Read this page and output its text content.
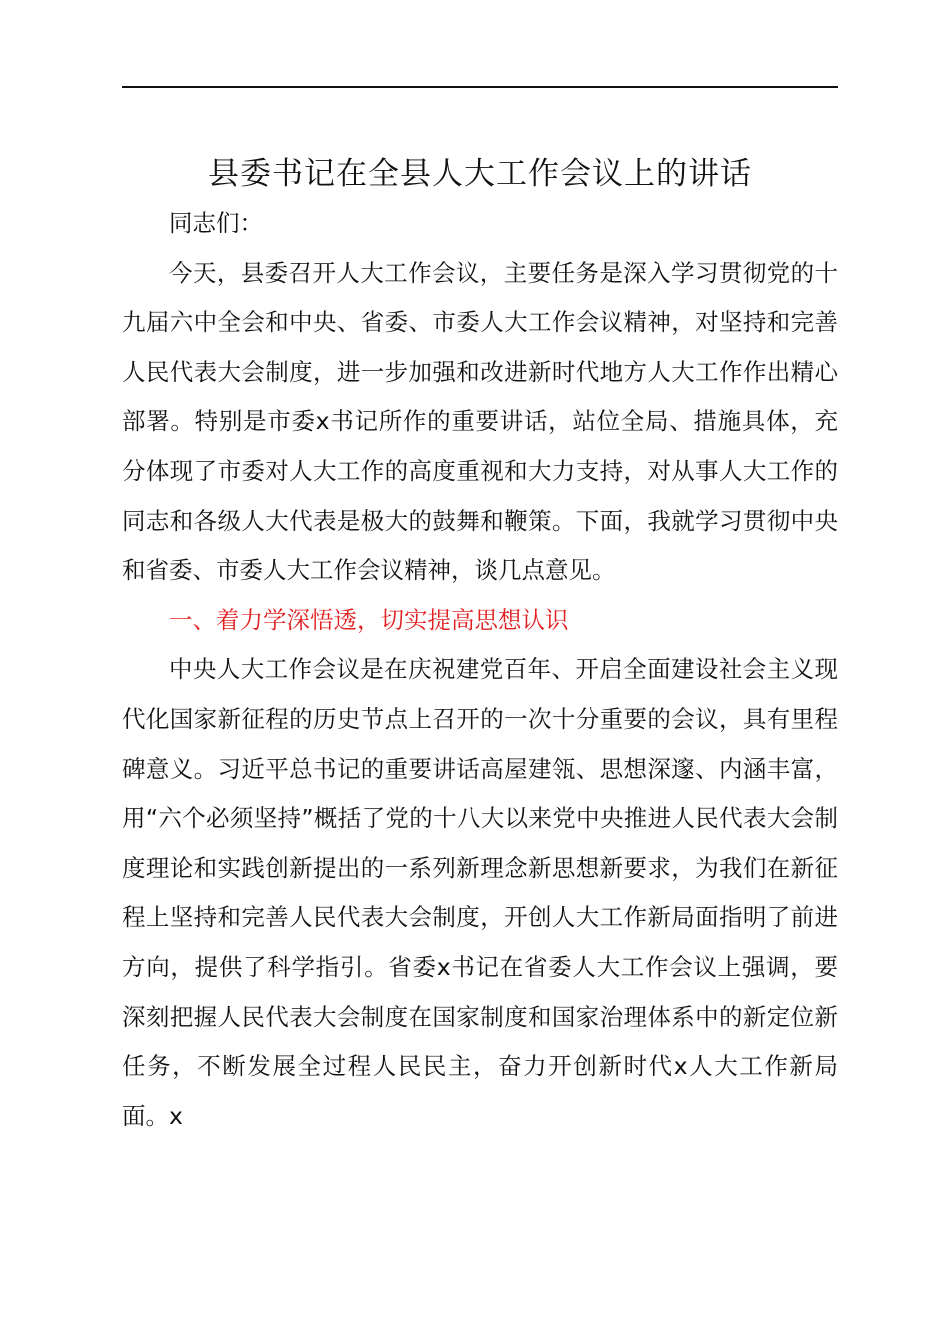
县委书记在全县人大工作会议上的讲话

同志们：

今天，县委召开人大工作会议，主要任务是深入学习贯彻党的十九届六中全会和中央、省委、市委人大工作会议精神，对坚持和完善人民代表大会制度，进一步加强和改进新时代地方人大工作作出精心部署。特别是市委x书记所作的重要讲话，站位全局、措施具体，充分体现了市委对人大工作的高度重视和大力支持，对从事人大工作的同志和各级人大代表是极大的鼓舞和鞭策。下面，我就学习贯彻中央和省委、市委人大工作会议精神，谈几点意见。

一、着力学深悟透，切实提高思想认识

中央人大工作会议是在庆祝建党百年、开启全面建设社会主义现代化国家新征程的历史节点上召开的一次十分重要的会议，具有里程碑意义。习近平总书记的重要讲话高屋建瓴、思想深邃、内涵丰富，用“六个必须坚持”概括了党的十八大以来党中央推进人民代表大会制度理论和实践创新提出的一系列新理念新思想新要求，为我们在新征程上坚持和完善人民代表大会制度，开创人大工作新局面指明了前进方向，提供了科学指引。省委x书记在省委人大工作会议上强调，要深刻把握人民代表大会制度在国家制度和国家治理体系中的新定位新任务，不断发展全过程人民民主，奋力开创新时代x人大工作新局面。x
